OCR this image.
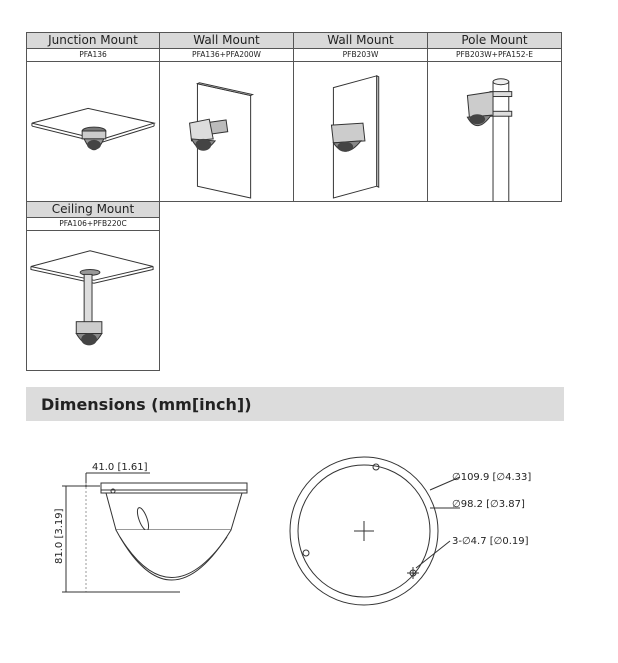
Junction Mount
PFA136
Wall Mount
PFA136+PFA200W
Wall Mount
PFB203W
Pole Mount
PFB203W+PFA152-E
Ceiling Mount
PFA106+PFB220C
Dimensions (mm[inch])
41.0 [1.61]
81.0 [3.19]
∅109.9 [∅4.33]
∅98.2 [∅3.87]
3-∅4.7 [∅0.19]
